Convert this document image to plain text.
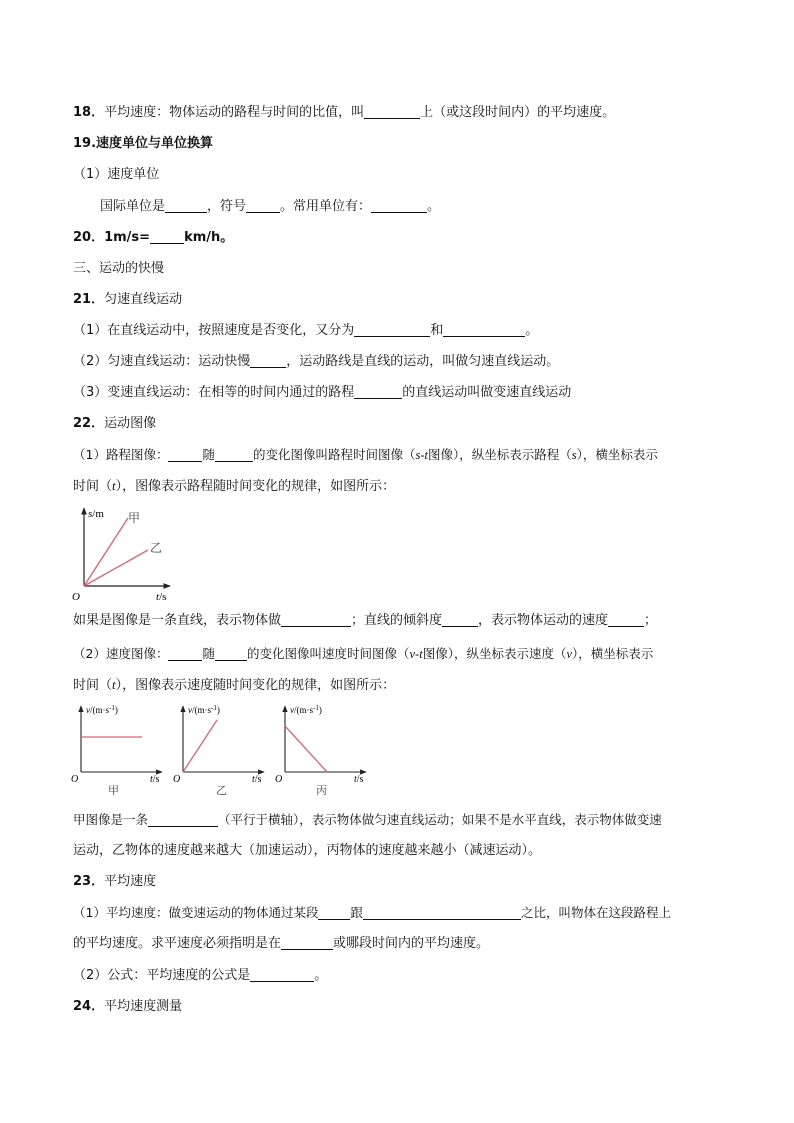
18．平均速度：物体运动的路程与时间的比值，叫	上（或这段时间内）的平均速度。
19.速度单位与单位换算
（1）速度单位
国际单位是	，符号	。常用单位有：	。
20．1m/s=	km/h。
三、运动的快慢
21．匀速直线运动
（1）在直线运动中，按照速度是否变化，又分为	和	。
（2）匀速直线运动：运动快慢	，运动路线是直线的运动，叫做匀速直线运动。
（3）变速直线运动：在相等的时间内通过的路程	的直线运动叫做变速直线运动
22．运动图像
（1）路程图像：	随	的变化图像叫路程时间图像（s-t图像），纵坐标表示路程（s），横坐标表示
时间（t），图像表示路程随时间变化的规律，如图所示：
s/m 甲
乙
O	t/s
如果是图像是一条直线，表示物体做	；直线的倾斜度	，表示物体运动的速度	；
（2）速度图像：	随	的变化图像叫速度时间图像（v-t图像），纵坐标表示速度（v），横坐标表示
时间（t），图像表示速度随时间变化的规律，如图所示：
$v/(m\cdot s^{-1})$
O	t/s
甲
$v/(m\cdot s^{-1})$
O	t/s
乙
$v/(m\cdot s^{-1})$
O	t/s
丙
甲图像是一条	（平行于横轴），表示物体做匀速直线运动；如果不是水平直线，表示物体做变速
运动，乙物体的速度越来越大（加速运动），丙物体的速度越来越小（减速运动）。
23．平均速度
（1）平均速度：做变速运动的物体通过某段	跟	之比，叫物体在这段路程上
的平均速度。求平速度必须指明是在	或哪段时间内的平均速度。
（2）公式：平均速度的公式是	。
24．平均速度测量
